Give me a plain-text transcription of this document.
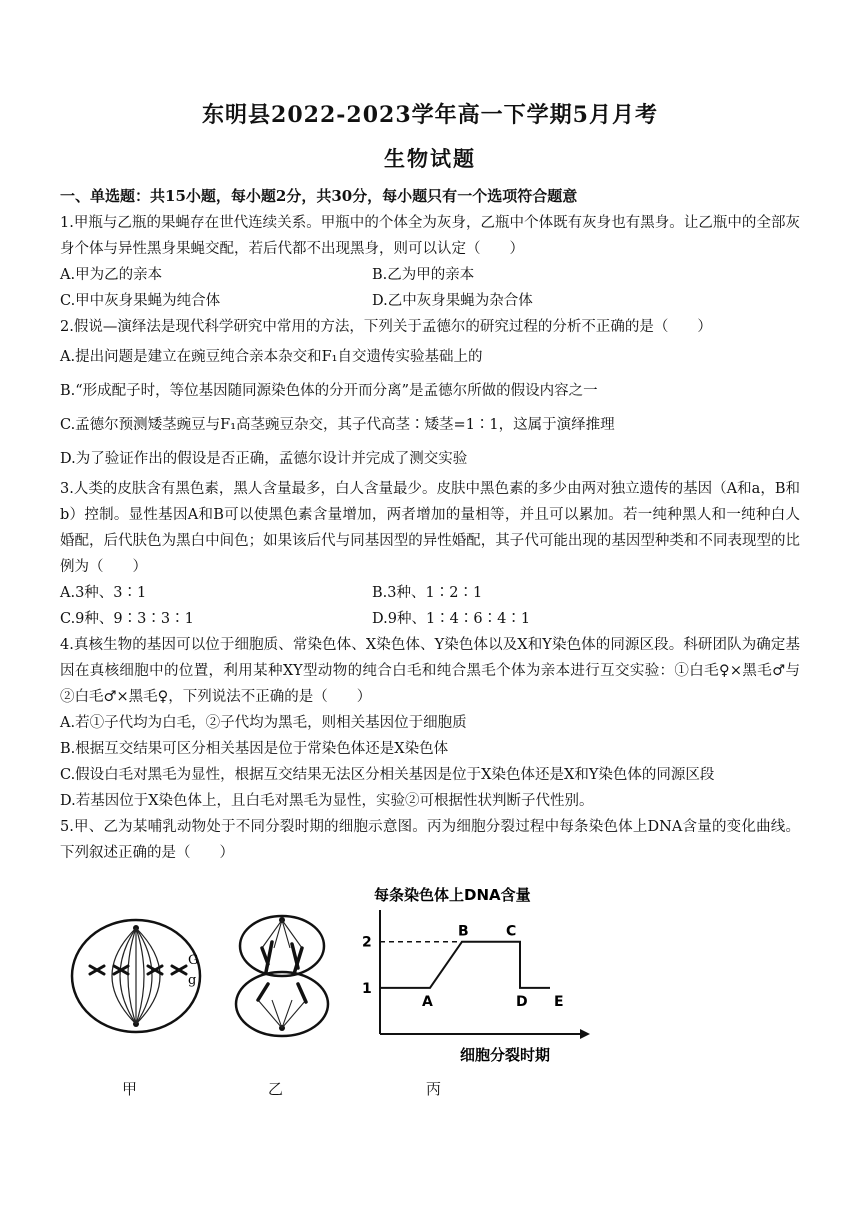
东明县2022-2023学年高一下学期5月月考
生物试题

一、单选题：共15小题，每小题2分，共30分，每小题只有一个选项符合题意

1.甲瓶与乙瓶的果蝇存在世代连续关系。甲瓶中的个体全为灰身，乙瓶中个体既有灰身也有黑身。让乙瓶中的全部灰身个体与异性黑身果蝇交配，若后代都不出现黑身，则可以认定（　　）

A.甲为乙的亲本	B.乙为甲的亲本
C.甲中灰身果蝇为纯合体	D.乙中灰身果蝇为杂合体

2.假说—演绎法是现代科学研究中常用的方法，下列关于孟德尔的研究过程的分析不正确的是（　　）

A.提出问题是建立在豌豆纯合亲本杂交和F₁自交遗传实验基础上的

B.“形成配子时，等位基因随同源染色体的分开而分离”是孟德尔所做的假设内容之一

C.孟德尔预测矮茎豌豆与F₁高茎豌豆杂交，其子代高茎∶矮茎=1∶1，这属于演绎推理

D.为了验证作出的假设是否正确，孟德尔设计并完成了测交实验

3.人类的皮肤含有黑色素，黑人含量最多，白人含量最少。皮肤中黑色素的多少由两对独立遗传的基因（A和a，B和b）控制。显性基因A和B可以使黑色素含量增加，两者增加的量相等，并且可以累加。若一纯种黑人和一纯种白人婚配，后代肤色为黑白中间色；如果该后代与同基因型的异性婚配，其子代可能出现的基因型种类和不同表现型的比例为（　　）

A.3种、3∶1	B.3种、1∶2∶1
C.9种、9∶3∶3∶1	D.9种、1∶4∶6∶4∶1

4.真核生物的基因可以位于细胞质、常染色体、X染色体、Y染色体以及X和Y染色体的同源区段。科研团队为确定基因在真核细胞中的位置，利用某种XY型动物的纯合白毛和纯合黑毛个体为亲本进行互交实验：①白毛♀×黑毛♂与　②白毛♂×黑毛♀，下列说法不正确的是（　　）

A.若①子代均为白毛，②子代均为黑毛，则相关基因位于细胞质

B.根据互交结果可区分相关基因是位于常染色体还是X染色体

C.假设白毛对黑毛为显性，根据互交结果无法区分相关基因是位于X染色体还是X和Y染色体的同源区段

D.若基因位于X染色体上，且白毛对黑毛为显性，实验②可根据性状判断子代性别。

5.甲、乙为某哺乳动物处于不同分裂时期的细胞示意图。丙为细胞分裂过程中每条染色体上DNA含量的变化曲线。下列叙述正确的是（　　）

G
g
每条染色体上DNA含量
细胞分裂时期
1
2
A
B	C
D E
甲	乙	丙
